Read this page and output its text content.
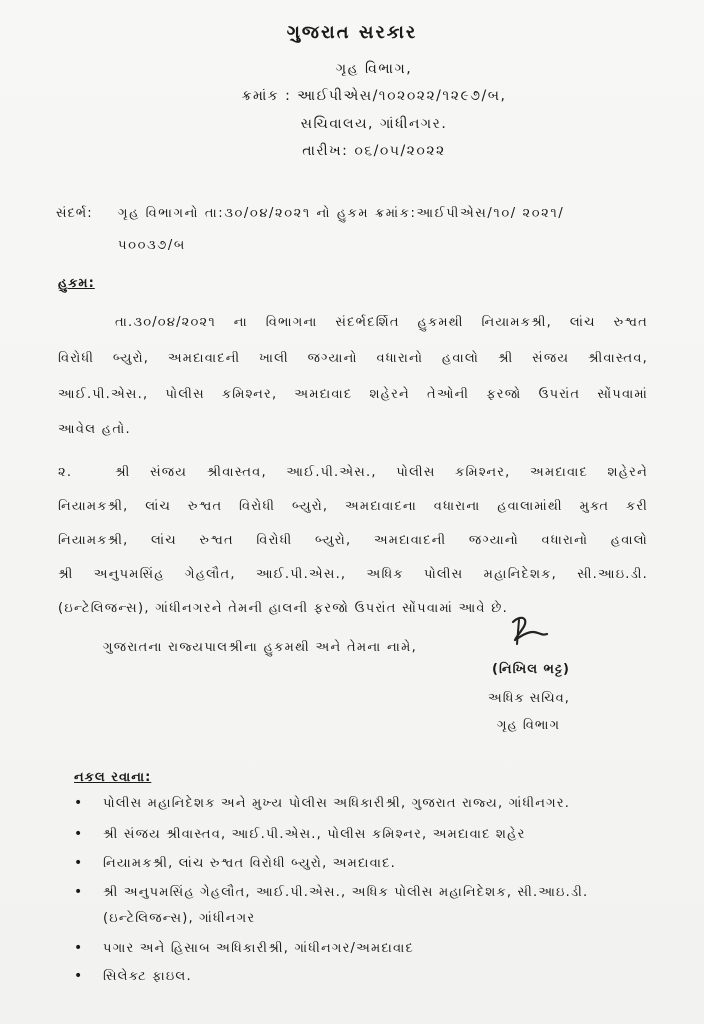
ગુજરાત સરકાર
ગૃહ વિભાગ,
ક્રમાંક : આઈપીએસ/૧૦૨૦૨૨/૧૨૯૭/બ,
સચિવાલય, ગાંધીનગર.
તારીખ: ૦૬/૦૫/૨૦૨૨
સંદર્ભ: ગૃહ વિભાગનો તા:૩૦/૦૪/૨૦૨૧ નો હુકમ ક્રમાંક:આઈપીએસ/૧૦/ ૨૦૨૧/
૫૦૦૩૭/બ
હુકમ:
તા.૩૦/૦૪/૨૦૨૧ ના વિભાગના સંદર્ભદર્શિત હુકમથી નિયામકશ્રી, લાંચ રુશ્વત
વિરોધી બ્યુરો, અમદાવાદની ખાલી જગ્યાનો વધારાનો હવાલો શ્રી સંજય શ્રીવાસ્તવ,
આઈ.પી.એસ., પોલીસ કમિશ્નર, અમદાવાદ શહેરને તેઓની ફરજો ઉપરાંત સોંપવામાં
આવેલ હતો.
૨.	શ્રી સંજય શ્રીવાસ્તવ, આઈ.પી.એસ., પોલીસ કમિશ્નર, અમદાવાદ શહેરને
નિયામકશ્રી, લાંચ રુશ્વત વિરોધી બ્યુરો, અમદાવાદના વધારાના હવાલામાંથી મુક્ત કરી
નિયામકશ્રી, લાંચ રુશ્વત વિરોધી બ્યુરો, અમદાવાદની જગ્યાનો વધારાનો હવાલો
શ્રી અનુપમસિંહ ગેહલૌત, આઈ.પી.એસ., અધિક પોલીસ મહાનિદેશક, સી.આઇ.ડી.
(ઇન્ટેલિજન્સ), ગાંધીનગરને તેમની હાલની ફરજો ઉપરાંત સોંપવામાં આવે છે.
ગુજરાતના રાજ્યપાલશ્રીના હુકમથી અને તેમના નામે,
(નિખિલ ભટ્ટ)
અધિક સચિવ,
ગૃહ વિભાગ
નકલ રવાના:
• પોલીસ મહાનિદેશક અને મુખ્ય પોલીસ અધિકારીશ્રી, ગુજરાત રાજ્ય, ગાંધીનગર.
• શ્રી સંજય શ્રીવાસ્તવ, આઈ.પી.એસ., પોલીસ કમિશ્નર, અમદાવાદ શહેર
• નિયામકશ્રી, લાંચ રુશ્વત વિરોધી બ્યુરો, અમદાવાદ.
• શ્રી અનુપમસિંહ ગેહલૌત, આઈ.પી.એસ., અધિક પોલીસ મહાનિદેશક, સી.આઇ.ડી.
(ઇન્ટેલિજન્સ), ગાંધીનગર
• પગાર અને હિસાબ અધિકારીશ્રી, ગાંધીનગર/અમદાવાદ
• સિલેક્ટ ફાઇલ.
